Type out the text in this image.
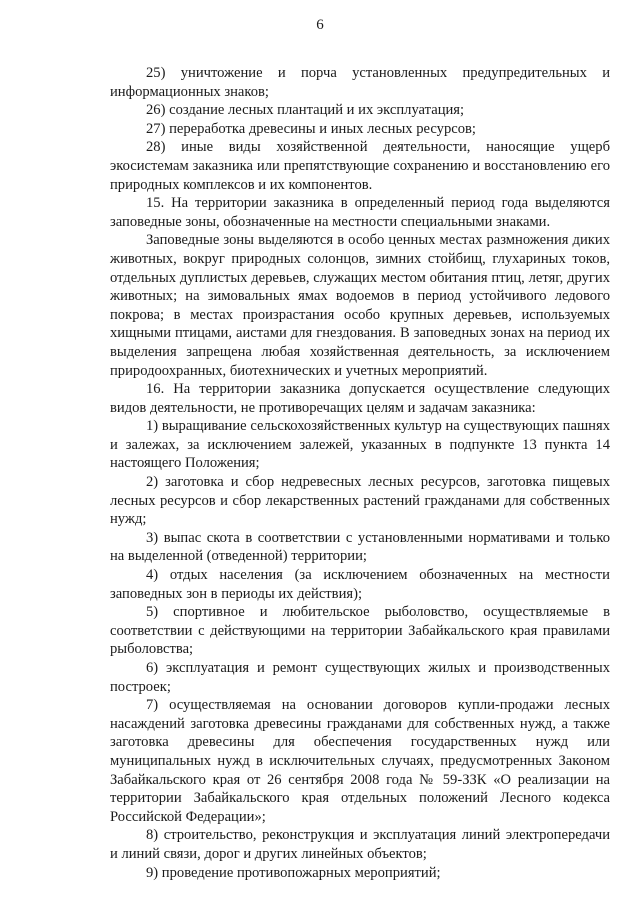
6

25) уничтожение и порча установленных предупредительных и информационных знаков;

26) создание лесных плантаций и их эксплуатация;

27) переработка древесины и иных лесных ресурсов;

28) иные виды хозяйственной деятельности, наносящие ущерб экосистемам заказника или препятствующие сохранению и восстановлению его природных комплексов и их компонентов.

15. На территории заказника в определенный период года выделяются заповедные зоны, обозначенные на местности специальными знаками.

Заповедные зоны выделяются в особо ценных местах размножения диких животных, вокруг природных солонцов, зимних стойбищ, глухариных токов, отдельных дуплистых деревьев, служащих местом обитания птиц, летяг, других животных; на зимовальных ямах водоемов в период устойчивого ледового покрова; в местах произрастания особо крупных деревьев, используемых хищными птицами, аистами для гнездования. В заповедных зонах на период их выделения запрещена любая хозяйственная деятельность, за исключением природоохранных, биотехнических и учетных мероприятий.

16. На территории заказника допускается осуществление следующих видов деятельности, не противоречащих целям и задачам заказника:

1) выращивание сельскохозяйственных культур на существующих пашнях и залежах, за исключением залежей, указанных в подпункте 13 пункта 14 настоящего Положения;

2) заготовка и сбор недревесных лесных ресурсов, заготовка пищевых лесных ресурсов и сбор лекарственных растений гражданами для собственных нужд;

3) выпас скота в соответствии с установленными нормативами и только на выделенной (отведенной) территории;

4) отдых населения (за исключением обозначенных на местности заповедных зон в периоды их действия);

5) спортивное и любительское рыболовство, осуществляемые в соответствии с действующими на территории Забайкальского края правилами рыболовства;

6) эксплуатация и ремонт существующих жилых и производственных построек;

7) осуществляемая на основании договоров купли-продажи лесных насаждений заготовка древесины гражданами для собственных нужд, а также заготовка древесины для обеспечения государственных нужд или муниципальных нужд в исключительных случаях, предусмотренных Законом Забайкальского края от 26 сентября 2008 года № 59-ЗЗК «О реализации на территории Забайкальского края отдельных положений Лесного кодекса Российской Федерации»;

8) строительство, реконструкция и эксплуатация линий электропередачи и линий связи, дорог и других линейных объектов;

9) проведение противопожарных мероприятий;
